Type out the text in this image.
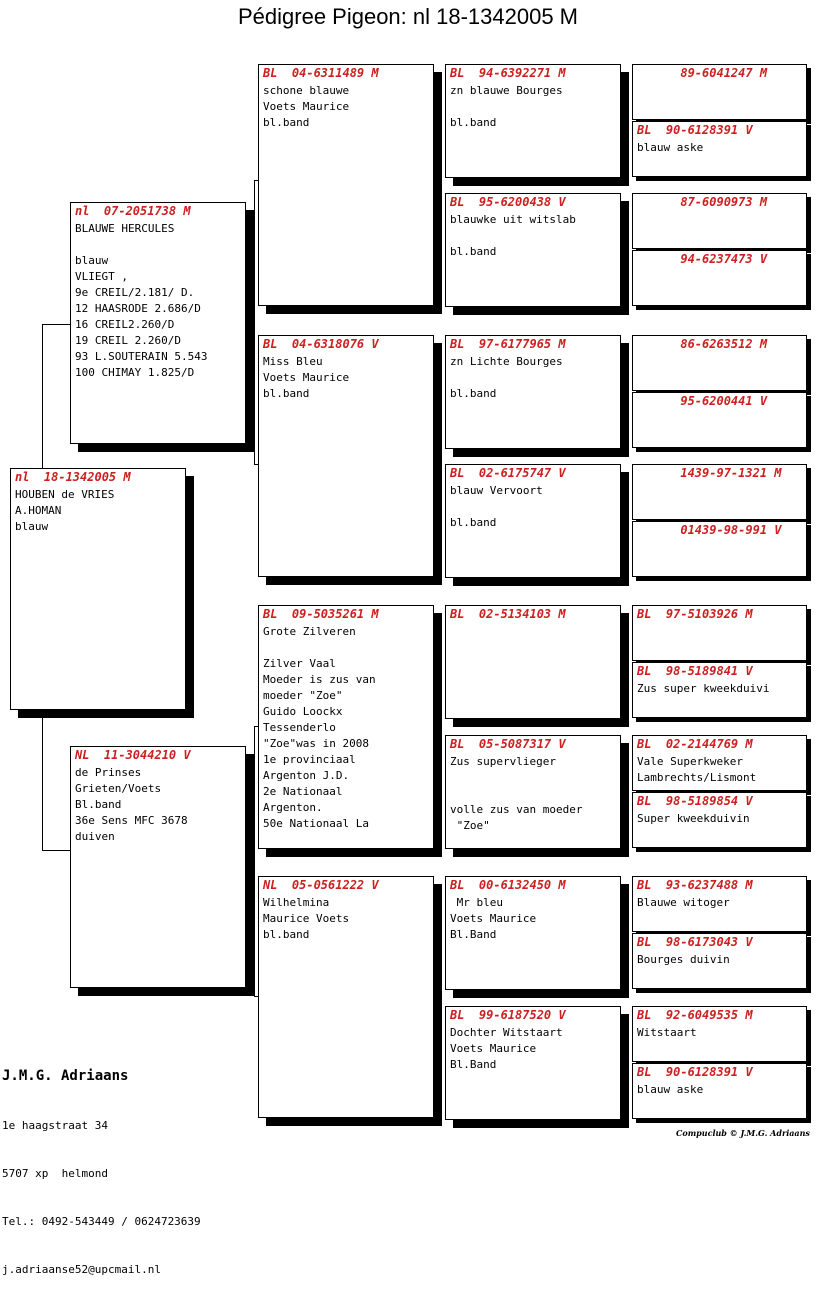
Pédigree Pigeon: nl 18-1342005 M
nl  18-1342005 M
HOUBEN de VRIES
A.HOMAN
blauw
nl  07-2051738 M
BLAUWE HERCULES

blauw
VLIEGT ,
9e CREIL/2.181/ D.
12 HAASRODE 2.686/D
16 CREIL2.260/D
19 CREIL 2.260/D
93 L.SOUTERAIN 5.543
100 CHIMAY 1.825/D
NL  11-3044210 V
de Prinses
Grieten/Voets
Bl.band
36e Sens MFC 3678
duiven
BL  04-6311489 M
schone blauwe
Voets Maurice
bl.band
BL  04-6318076 V
Miss Bleu
Voets Maurice
bl.band
BL  09-5035261 M
Grote Zilveren

Zilver Vaal
Moeder is zus van
moeder "Zoe"
Guido Loockx
Tessenderlo
"Zoe"was in 2008
1e provinciaal
Argenton J.D.
2e Nationaal
Argenton.
50e Nationaal La
NL  05-0561222 V
Wilhelmina
Maurice Voets
bl.band
BL  94-6392271 M
zn blauwe Bourges

bl.band
BL  95-6200438 V
blauwke uit witslab

bl.band
BL  97-6177965 M
zn Lichte Bourges

bl.band
BL  02-6175747 V
blauw Vervoort

bl.band
BL  02-5134103 M
BL  05-5087317 V
Zus supervlieger

volle zus van moeder
"Zoe"
BL  00-6132450 M
Mr bleu
Voets Maurice
Bl.Band
BL  99-6187520 V
Dochter Witstaart
Voets Maurice
Bl.Band
89-6041247 M
BL  90-6128391 V
blauw aske
87-6090973 M
94-6237473 V
86-6263512 M
95-6200441 V
1439-97-1321 M
01439-98-991 V
BL  97-5103926 M
BL  98-5189841 V
Zus super kweekduivi
BL  02-2144769 M
Vale Superkweker
Lambrechts/Lismont
BL  98-5189854 V
Super kweekduivin
BL  93-6237488 M
Blauwe witoger
BL  98-6173043 V
Bourges duivin
BL  92-6049535 M
Witstaart
BL  90-6128391 V
blauw aske

J.M.G. Adriaans

1e haagstraat 34

5707 xp  helmond

Tel.: 0492-543449 / 0624723639

j.adriaanse52@upcmail.nl

Compuclub © J.M.G. Adriaans
